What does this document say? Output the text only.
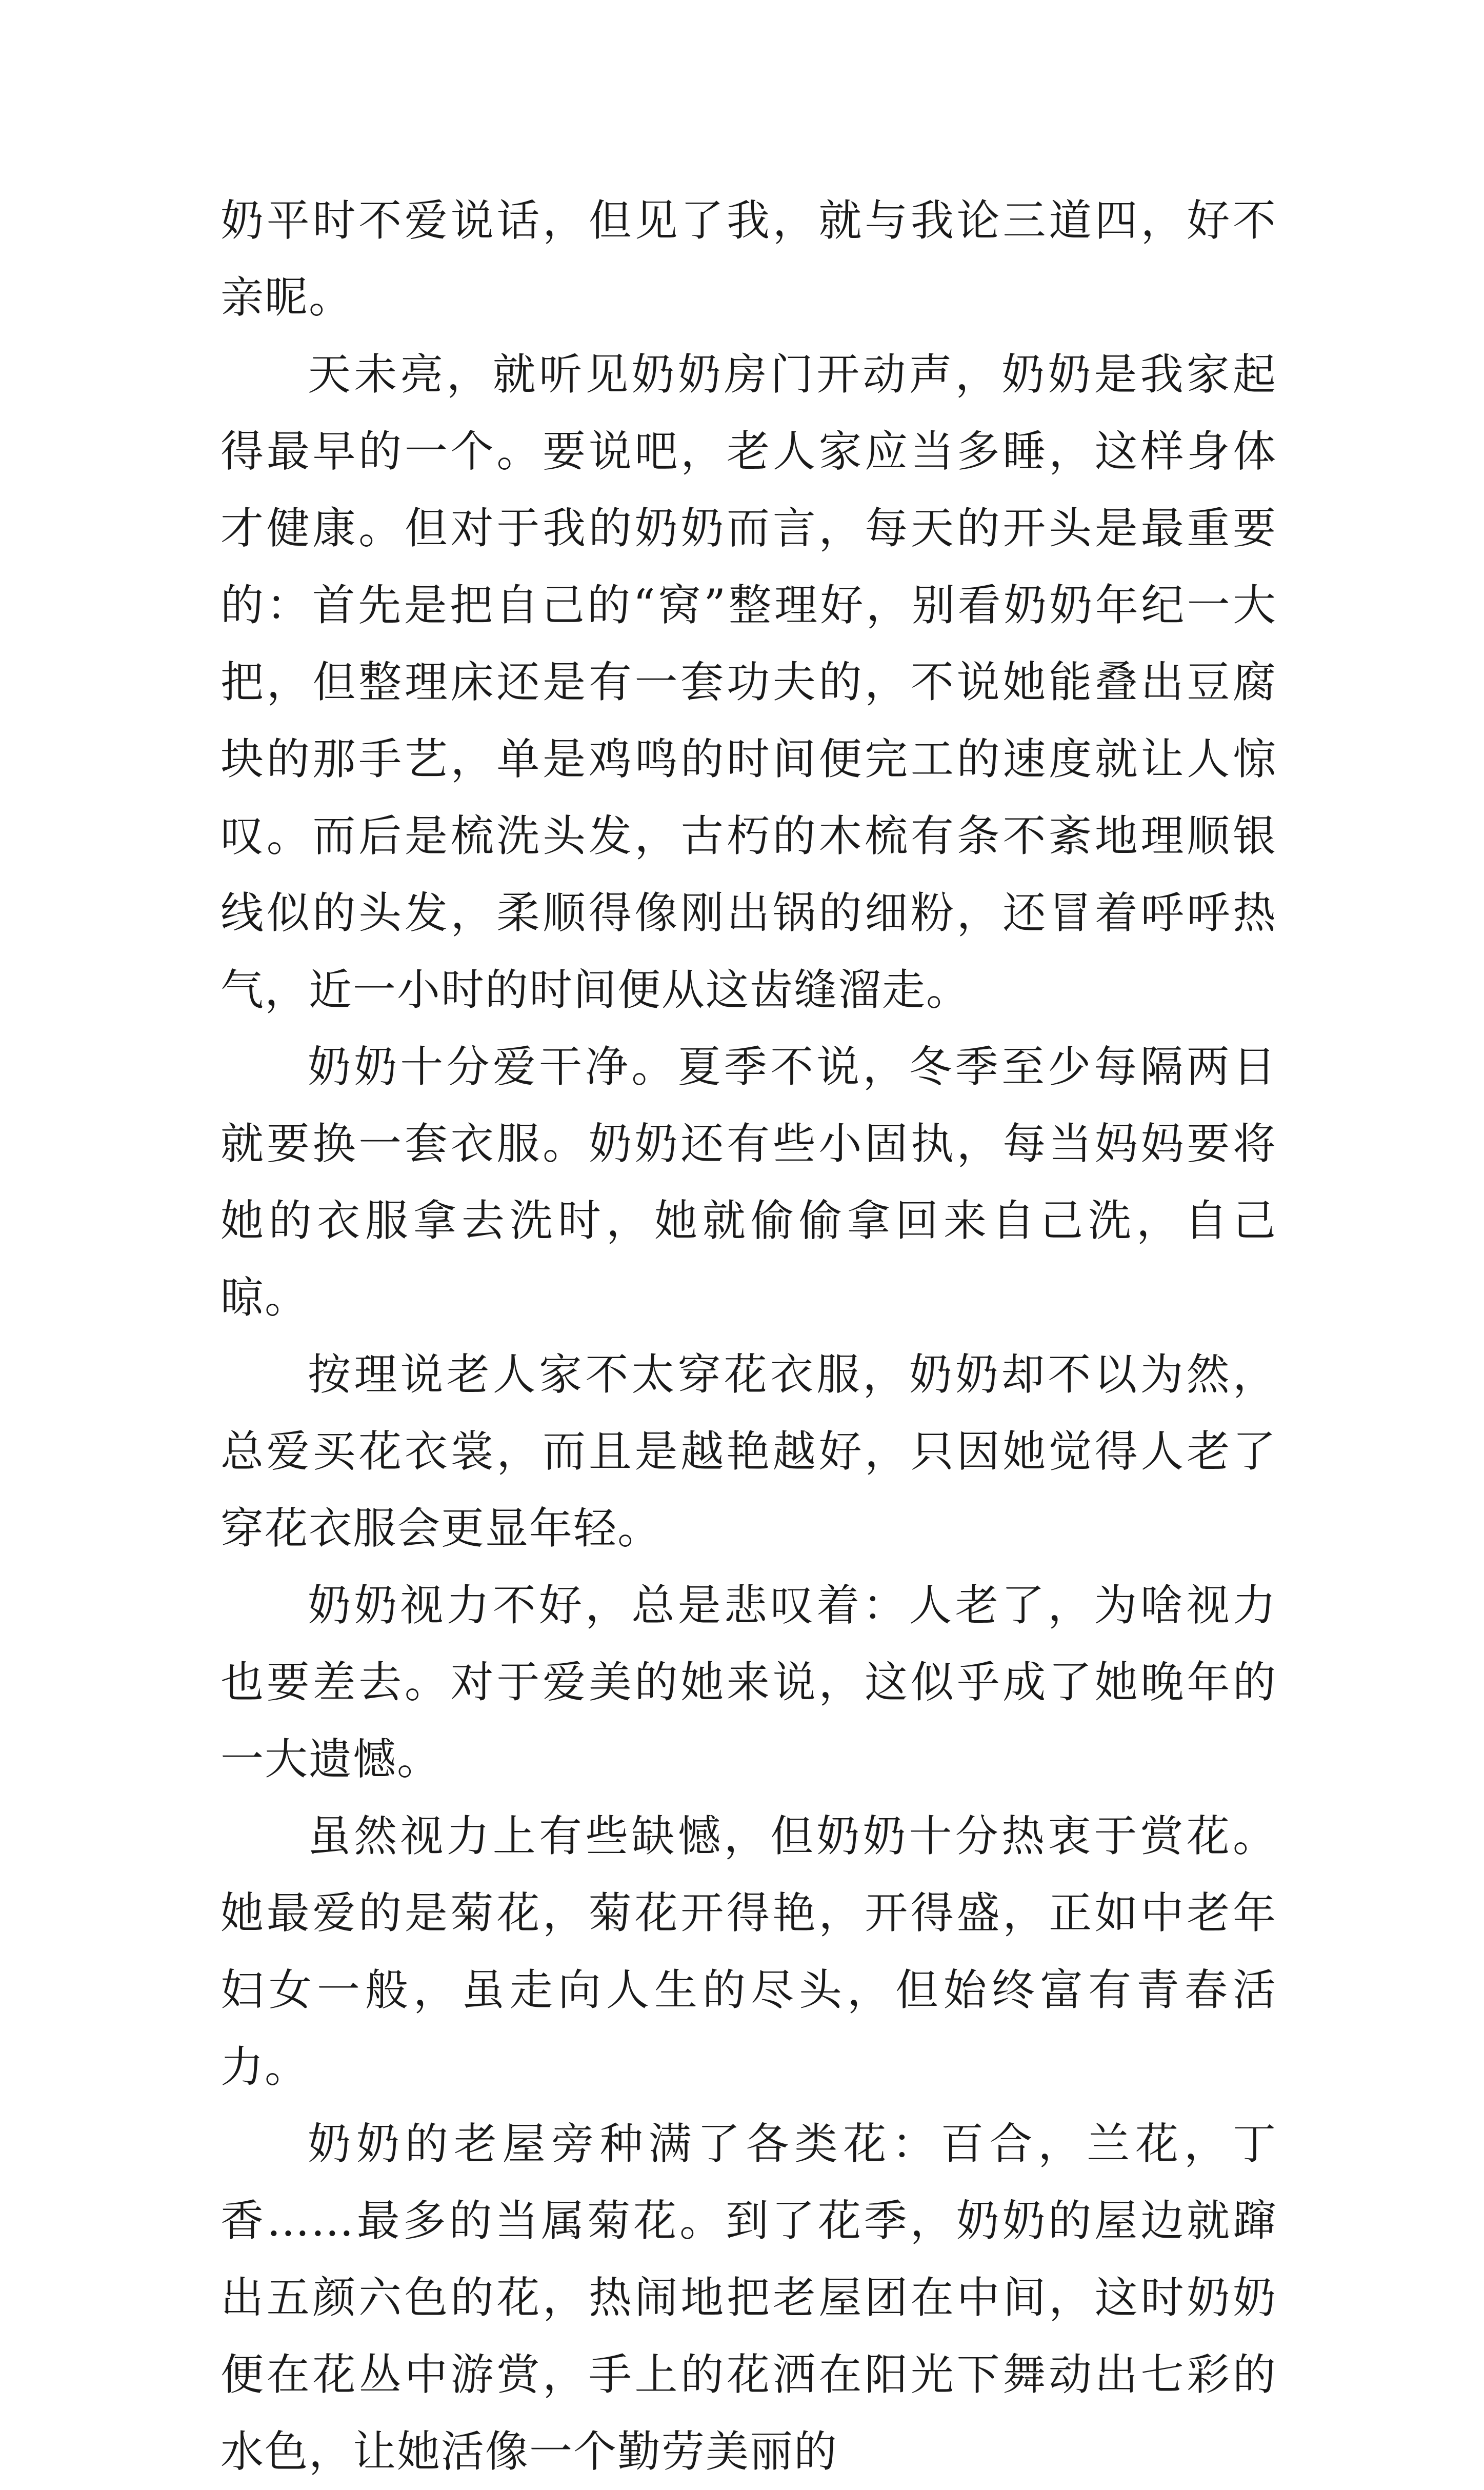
奶平时不爱说话，但见了我，就与我论三道四，好不亲昵。

天未亮，就听见奶奶房门开动声，奶奶是我家起得最早的一个。要说吧，老人家应当多睡，这样身体才健康。但对于我的奶奶而言，每天的开头是最重要的：首先是把自己的“窝”整理好，别看奶奶年纪一大把，但整理床还是有一套功夫的，不说她能叠出豆腐块的那手艺，单是鸡鸣的时间便完工的速度就让人惊叹。而后是梳洗头发，古朽的木梳有条不紊地理顺银线似的头发，柔顺得像刚出锅的细粉，还冒着呼呼热气，近一小时的时间便从这齿缝溜走。

奶奶十分爱干净。夏季不说，冬季至少每隔两日就要换一套衣服。奶奶还有些小固执，每当妈妈要将她的衣服拿去洗时，她就偷偷拿回来自己洗，自己晾。

按理说老人家不太穿花衣服，奶奶却不以为然，总爱买花衣裳，而且是越艳越好，只因她觉得人老了穿花衣服会更显年轻。

奶奶视力不好，总是悲叹着：人老了，为啥视力也要差去。对于爱美的她来说，这似乎成了她晚年的一大遗憾。

虽然视力上有些缺憾，但奶奶十分热衷于赏花。她最爱的是菊花，菊花开得艳，开得盛，正如中老年妇女一般，虽走向人生的尽头，但始终富有青春活力。

奶奶的老屋旁种满了各类花：百合，兰花，丁香……最多的当属菊花。到了花季，奶奶的屋边就蹿出五颜六色的花，热闹地把老屋团在中间，这时奶奶便在花丛中游赏，手上的花洒在阳光下舞动出七彩的水色，让她活像一个勤劳美丽的
